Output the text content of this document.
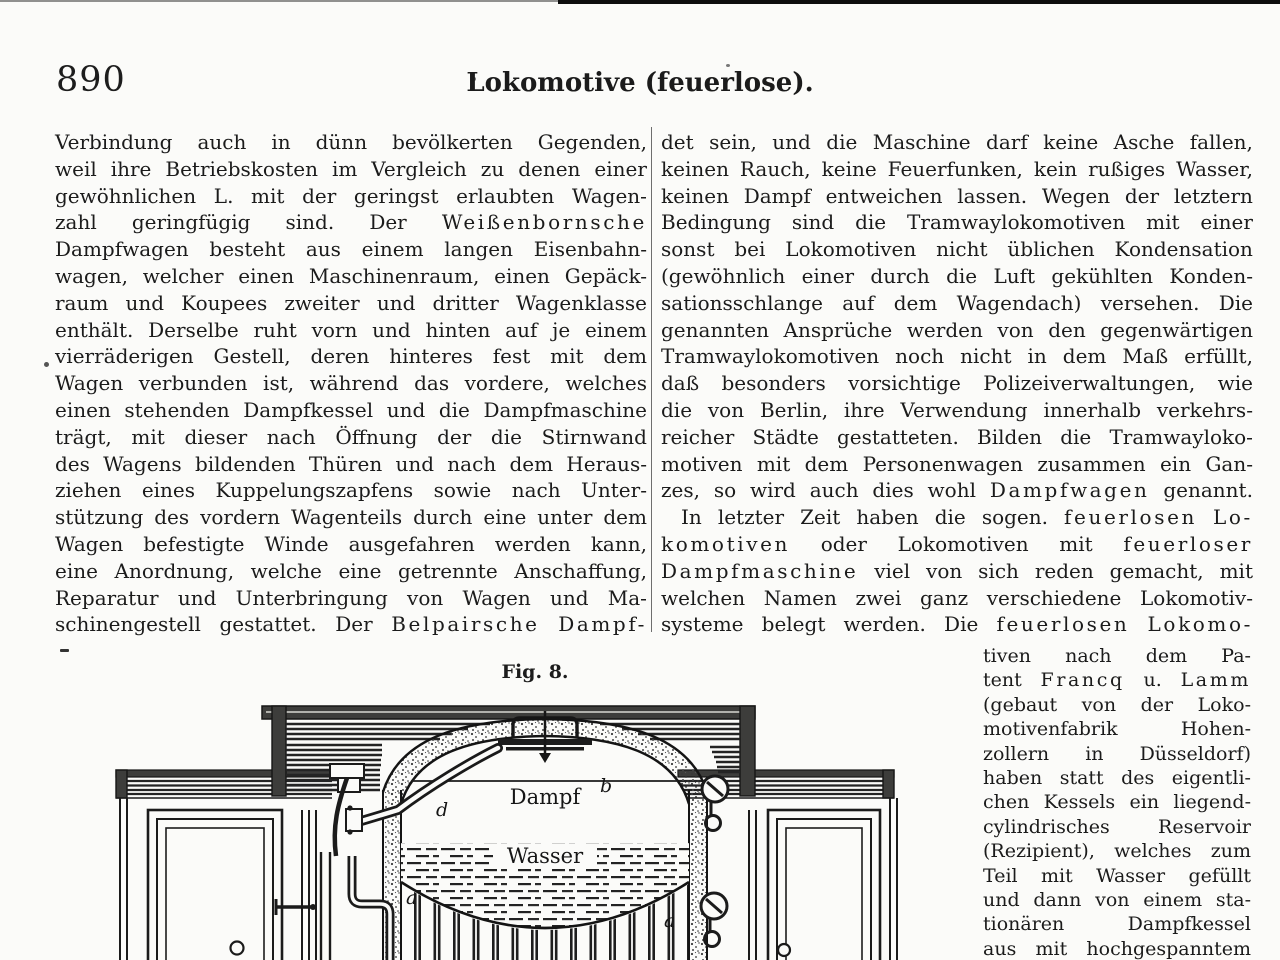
890	Lokomotive (feuerlose).
Verbindung auch in dünn bevölkerten Gegenden,
weil ihre Betriebskosten im Vergleich zu denen einer
gewöhnlichen L. mit der geringst erlaubten Wagen-
zahl geringfügig sind. Der Weißenbornsche
Dampfwagen besteht aus einem langen Eisenbahn-
wagen, welcher einen Maschinenraum, einen Gepäck-
raum und Koupees zweiter und dritter Wagenklasse
enthält. Derselbe ruht vorn und hinten auf je einem
vierräderigen Gestell, deren hinteres fest mit dem
Wagen verbunden ist, während das vordere, welches
einen stehenden Dampfkessel und die Dampfmaschine
trägt, mit dieser nach Öffnung der die Stirnwand
des Wagens bildenden Thüren und nach dem Heraus-
ziehen eines Kuppelungszapfens sowie nach Unter-
stützung des vordern Wagenteils durch eine unter dem
Wagen befestigte Winde ausgefahren werden kann,
eine Anordnung, welche eine getrennte Anschaffung,
Reparatur und Unterbringung von Wagen und Ma-
schinengestell gestattet. Der Belpairsche Dampf-
det sein, und die Maschine darf keine Asche fallen,
keinen Rauch, keine Feuerfunken, kein rußiges Wasser,
keinen Dampf entweichen lassen. Wegen der letztern
Bedingung sind die Tramwaylokomotiven mit einer
sonst bei Lokomotiven nicht üblichen Kondensation
(gewöhnlich einer durch die Luft gekühlten Konden-
sationsschlange auf dem Wagendach) versehen. Die
genannten Ansprüche werden von den gegenwärtigen
Tramwaylokomotiven noch nicht in dem Maß erfüllt,
daß besonders vorsichtige Polizeiverwaltungen, wie
die von Berlin, ihre Verwendung innerhalb verkehrs-
reicher Städte gestatteten. Bilden die Tramwayloko-
motiven mit dem Personenwagen zusammen ein Gan-
zes, so wird auch dies wohl Dampfwagen genannt.
In letzter Zeit haben die sogen. feuerlosen Lo-
komotiven oder Lokomotiven mit feuerloser
Dampfmaschine viel von sich reden gemacht, mit
welchen Namen zwei ganz verschiedene Lokomotiv-
systeme belegt werden. Die feuerlosen Lokomo-
tiven nach dem Pa-
tent Francq u. Lamm
(gebaut von der Loko-
motivenfabrik	Hohen-
zollern in Düsseldorf)
haben statt des eigentli-
chen Kessels ein liegend-
cylindrisches	Reservoir
(Rezipient), welches zum
Teil mit Wasser gefüllt
und dann von einem sta-
tionären	Dampfkessel
aus mit hochgespanntem
Fig. 8.
Dampf
Wasser
b
d
a
a
